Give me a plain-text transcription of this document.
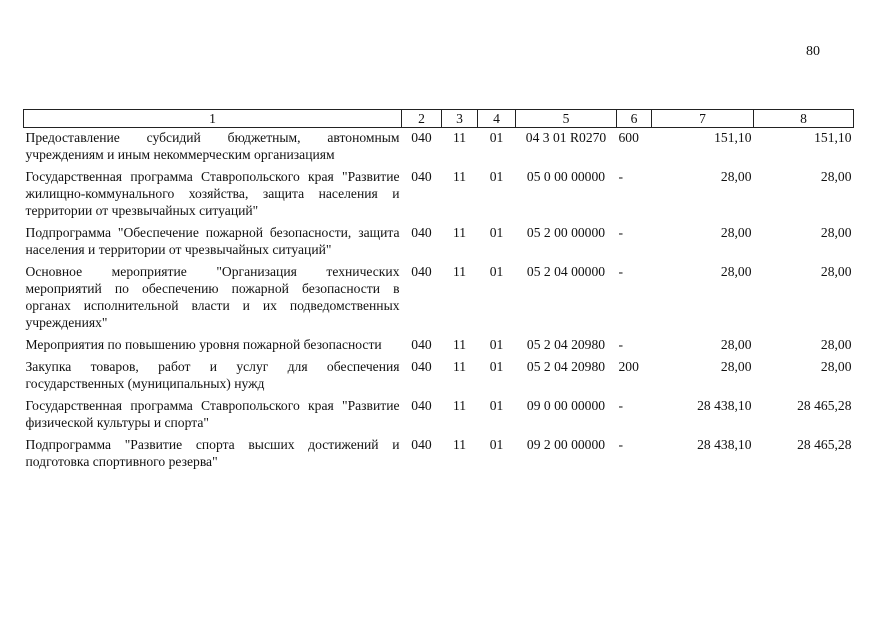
80
1	2	3	4	5	6	7	8
Предоставление субсидий бюджетным, автономным учреждениям и иным некоммерческим организациям	040	11	01	04 3 01 R0270	600	151,10	151,10
Государственная программа Ставропольского края "Развитие жилищно-коммунального хозяйства, защита населения и территории от чрезвычайных ситуаций"	040	11	01	05 0 00 00000	-	28,00	28,00
Подпрограмма "Обеспечение пожарной безопасности, защита населения и территории от чрезвычайных ситуаций"	040	11	01	05 2 00 00000	-	28,00	28,00
Основное мероприятие "Организация технических мероприятий по обеспечению пожарной безопасности в органах исполнительной власти и их подведомственных учреждениях"	040	11	01	05 2 04 00000	-	28,00	28,00
Мероприятия по повышению уровня пожарной безопасности	040	11	01	05 2 04 20980	-	28,00	28,00
Закупка товаров, работ и услуг для обеспечения государственных (муниципальных) нужд	040	11	01	05 2 04 20980	200	28,00	28,00
Государственная программа Ставропольского края "Развитие физической культуры и спорта"	040	11	01	09 0 00 00000	-	28 438,10	28 465,28
Подпрограмма "Развитие спорта высших достижений и подготовка спортивного резерва"	040	11	01	09 2 00 00000	-	28 438,10	28 465,28
